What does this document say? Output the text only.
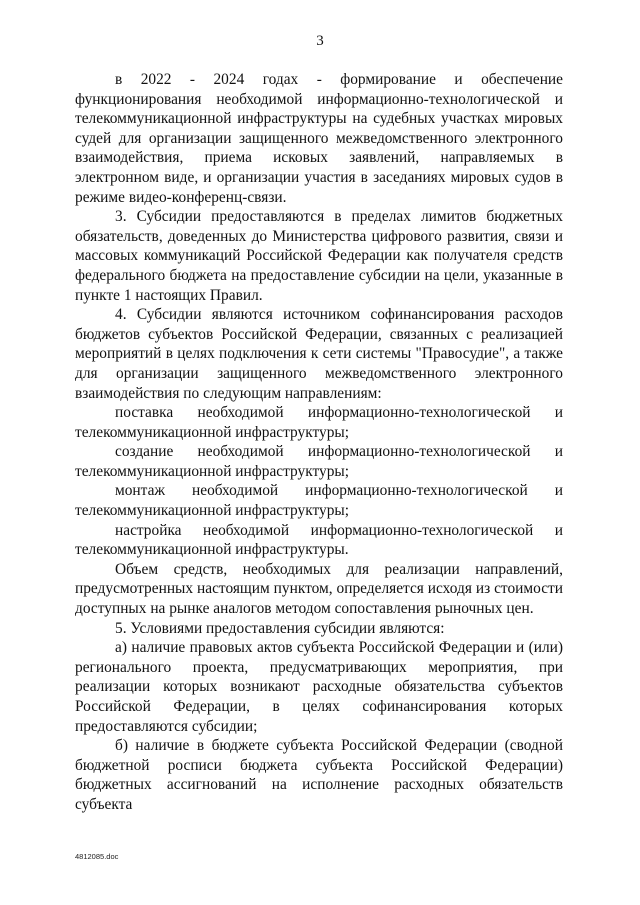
3

в 2022 - 2024 годах - формирование и обеспечение функционирования необходимой информационно-технологической и телекоммуникационной инфраструктуры на судебных участках мировых судей для организации защищенного межведомственного электронного взаимодействия, приема исковых заявлений, направляемых в электронном виде, и организации участия в заседаниях мировых судов в режиме видео-конференц-связи.

3. Субсидии предоставляются в пределах лимитов бюджетных обязательств, доведенных до Министерства цифрового развития, связи и массовых коммуникаций Российской Федерации как получателя средств федерального бюджета на предоставление субсидии на цели, указанные в пункте 1 настоящих Правил.

4. Субсидии являются источником софинансирования расходов бюджетов субъектов Российской Федерации, связанных с реализацией мероприятий в целях подключения к сети системы "Правосудие", а также для организации защищенного межведомственного электронного взаимодействия по следующим направлениям:

поставка необходимой информационно-технологической и телекоммуникационной инфраструктуры;

создание необходимой информационно-технологической и телекоммуникационной инфраструктуры;

монтаж необходимой информационно-технологической и телекоммуникационной инфраструктуры;

настройка необходимой информационно-технологической и телекоммуникационной инфраструктуры.

Объем средств, необходимых для реализации направлений, предусмотренных настоящим пунктом, определяется исходя из стоимости доступных на рынке аналогов методом сопоставления рыночных цен.

5. Условиями предоставления субсидии являются:

а) наличие правовых актов субъекта Российской Федерации и (или) регионального проекта, предусматривающих мероприятия, при реализации которых возникают расходные обязательства субъектов Российской Федерации, в целях софинансирования которых предоставляются субсидии;

б) наличие в бюджете субъекта Российской Федерации (сводной бюджетной росписи бюджета субъекта Российской Федерации) бюджетных ассигнований на исполнение расходных обязательств субъекта

4812085.doc
